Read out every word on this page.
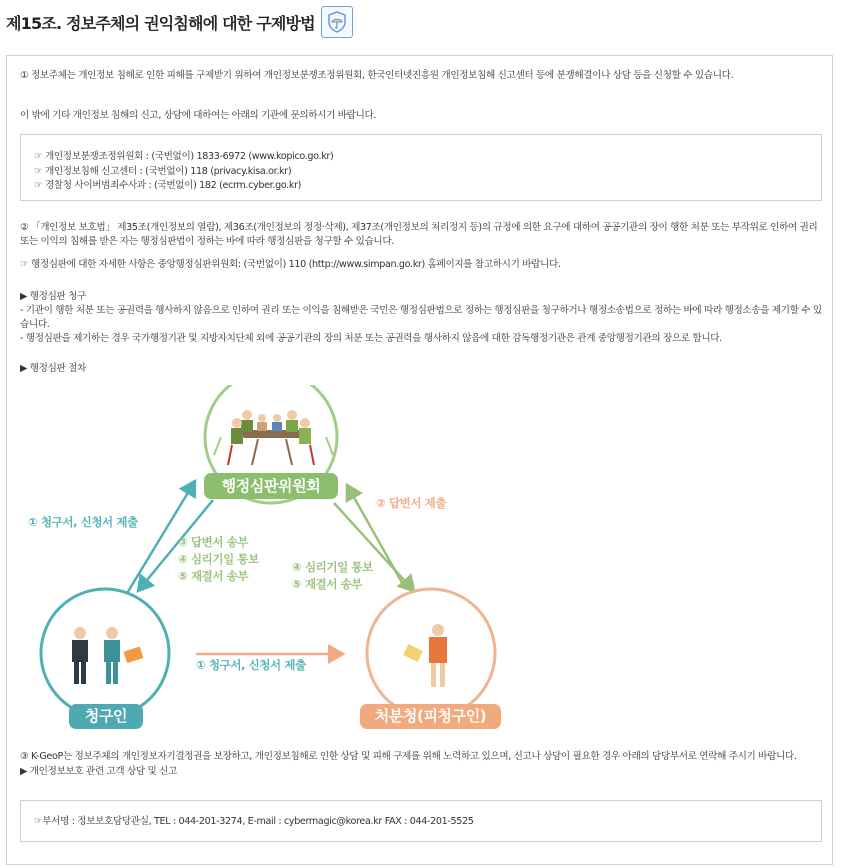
제15조. 정보주체의 권익침해에 대한 구제방법
① 정보주체는 개인정보 침해로 인한 피해를 구제받기 위하여 개인정보분쟁조정위원회, 한국인터넷진흥원 개인정보침해 신고센터 등에 분쟁해결이나 상담 등을 신청할 수 있습니다.
이 밖에 기타 개인정보 침해의 신고, 상담에 대하여는 아래의 기관에 문의하시기 바랍니다.
☞ 개인정보분쟁조정위원회 : (국번없이) 1833-6972 (www.kopico.go.kr)
☞ 개인정보침해 신고센터 : (국번없이) 118 (privacy.kisa.or.kr)
☞ 경찰청 사이버범죄수사과 : (국번없이) 182 (ecrm.cyber.go.kr)
② 「개인정보 보호법」 제35조(개인정보의 열람), 제36조(개인정보의 정정·삭제), 제37조(개인정보의 처리정지 등)의 규정에 의한 요구에 대하여 공공기관의 장이 행한 처분 또는 부작위로 인하여 권리
또는 이익의 침해를 받은 자는 행정심판법이 정하는 바에 따라 행정심판을 청구할 수 있습니다.
☞ 행정심판에 대한 자세한 사항은 중앙행정심판위원회: (국번없이) 110 (http://www.simpan.go.kr) 홈페이지를 참고하시기 바랍니다.
▶ 행정심판 청구
- 기관이 행한 처분 또는 공권력을 행사하지 않음으로 인하여 권리 또는 이익을 침해받은 국민은 행정심판법으로 정하는 행정심판을 청구하거나 행정소송법으로 정하는 바에 따라 행정소송을 제기할 수 있
습니다.
- 행정심판을 제기하는 경우 국가행정기관 및 지방자치단체 외에 공공기관의 장의 처분 또는 공권력을 행사하지 않음에 대한 감독행정기관은 관계 중앙행정기관의 장으로 합니다.
▶ 행정심판 절차
행정심판위원회
청구인	처분청(피청구인)
① 청구서, 신청서 제출
③ 답변서 송부
④ 심리기일 통보
⑤ 재결서 송부
② 답변서 제출
④ 심리기일 통보
⑤ 재결서 송부
① 청구서, 신청서 제출
③ K-GeoP는 정보주체의 개인정보자기결정권을 보장하고, 개인정보침해로 인한 상담 및 피해 구제를 위해 노력하고 있으며, 신고나 상담이 필요한 경우 아래의 담당부서로 연락해 주시기 바랍니다.
▶ 개인정보보호 관련 고객 상담 및 신고
☞부서명 : 정보보호담당관실, TEL : 044-201-3274, E-mail : cybermagic@korea.kr FAX : 044-201-5525
